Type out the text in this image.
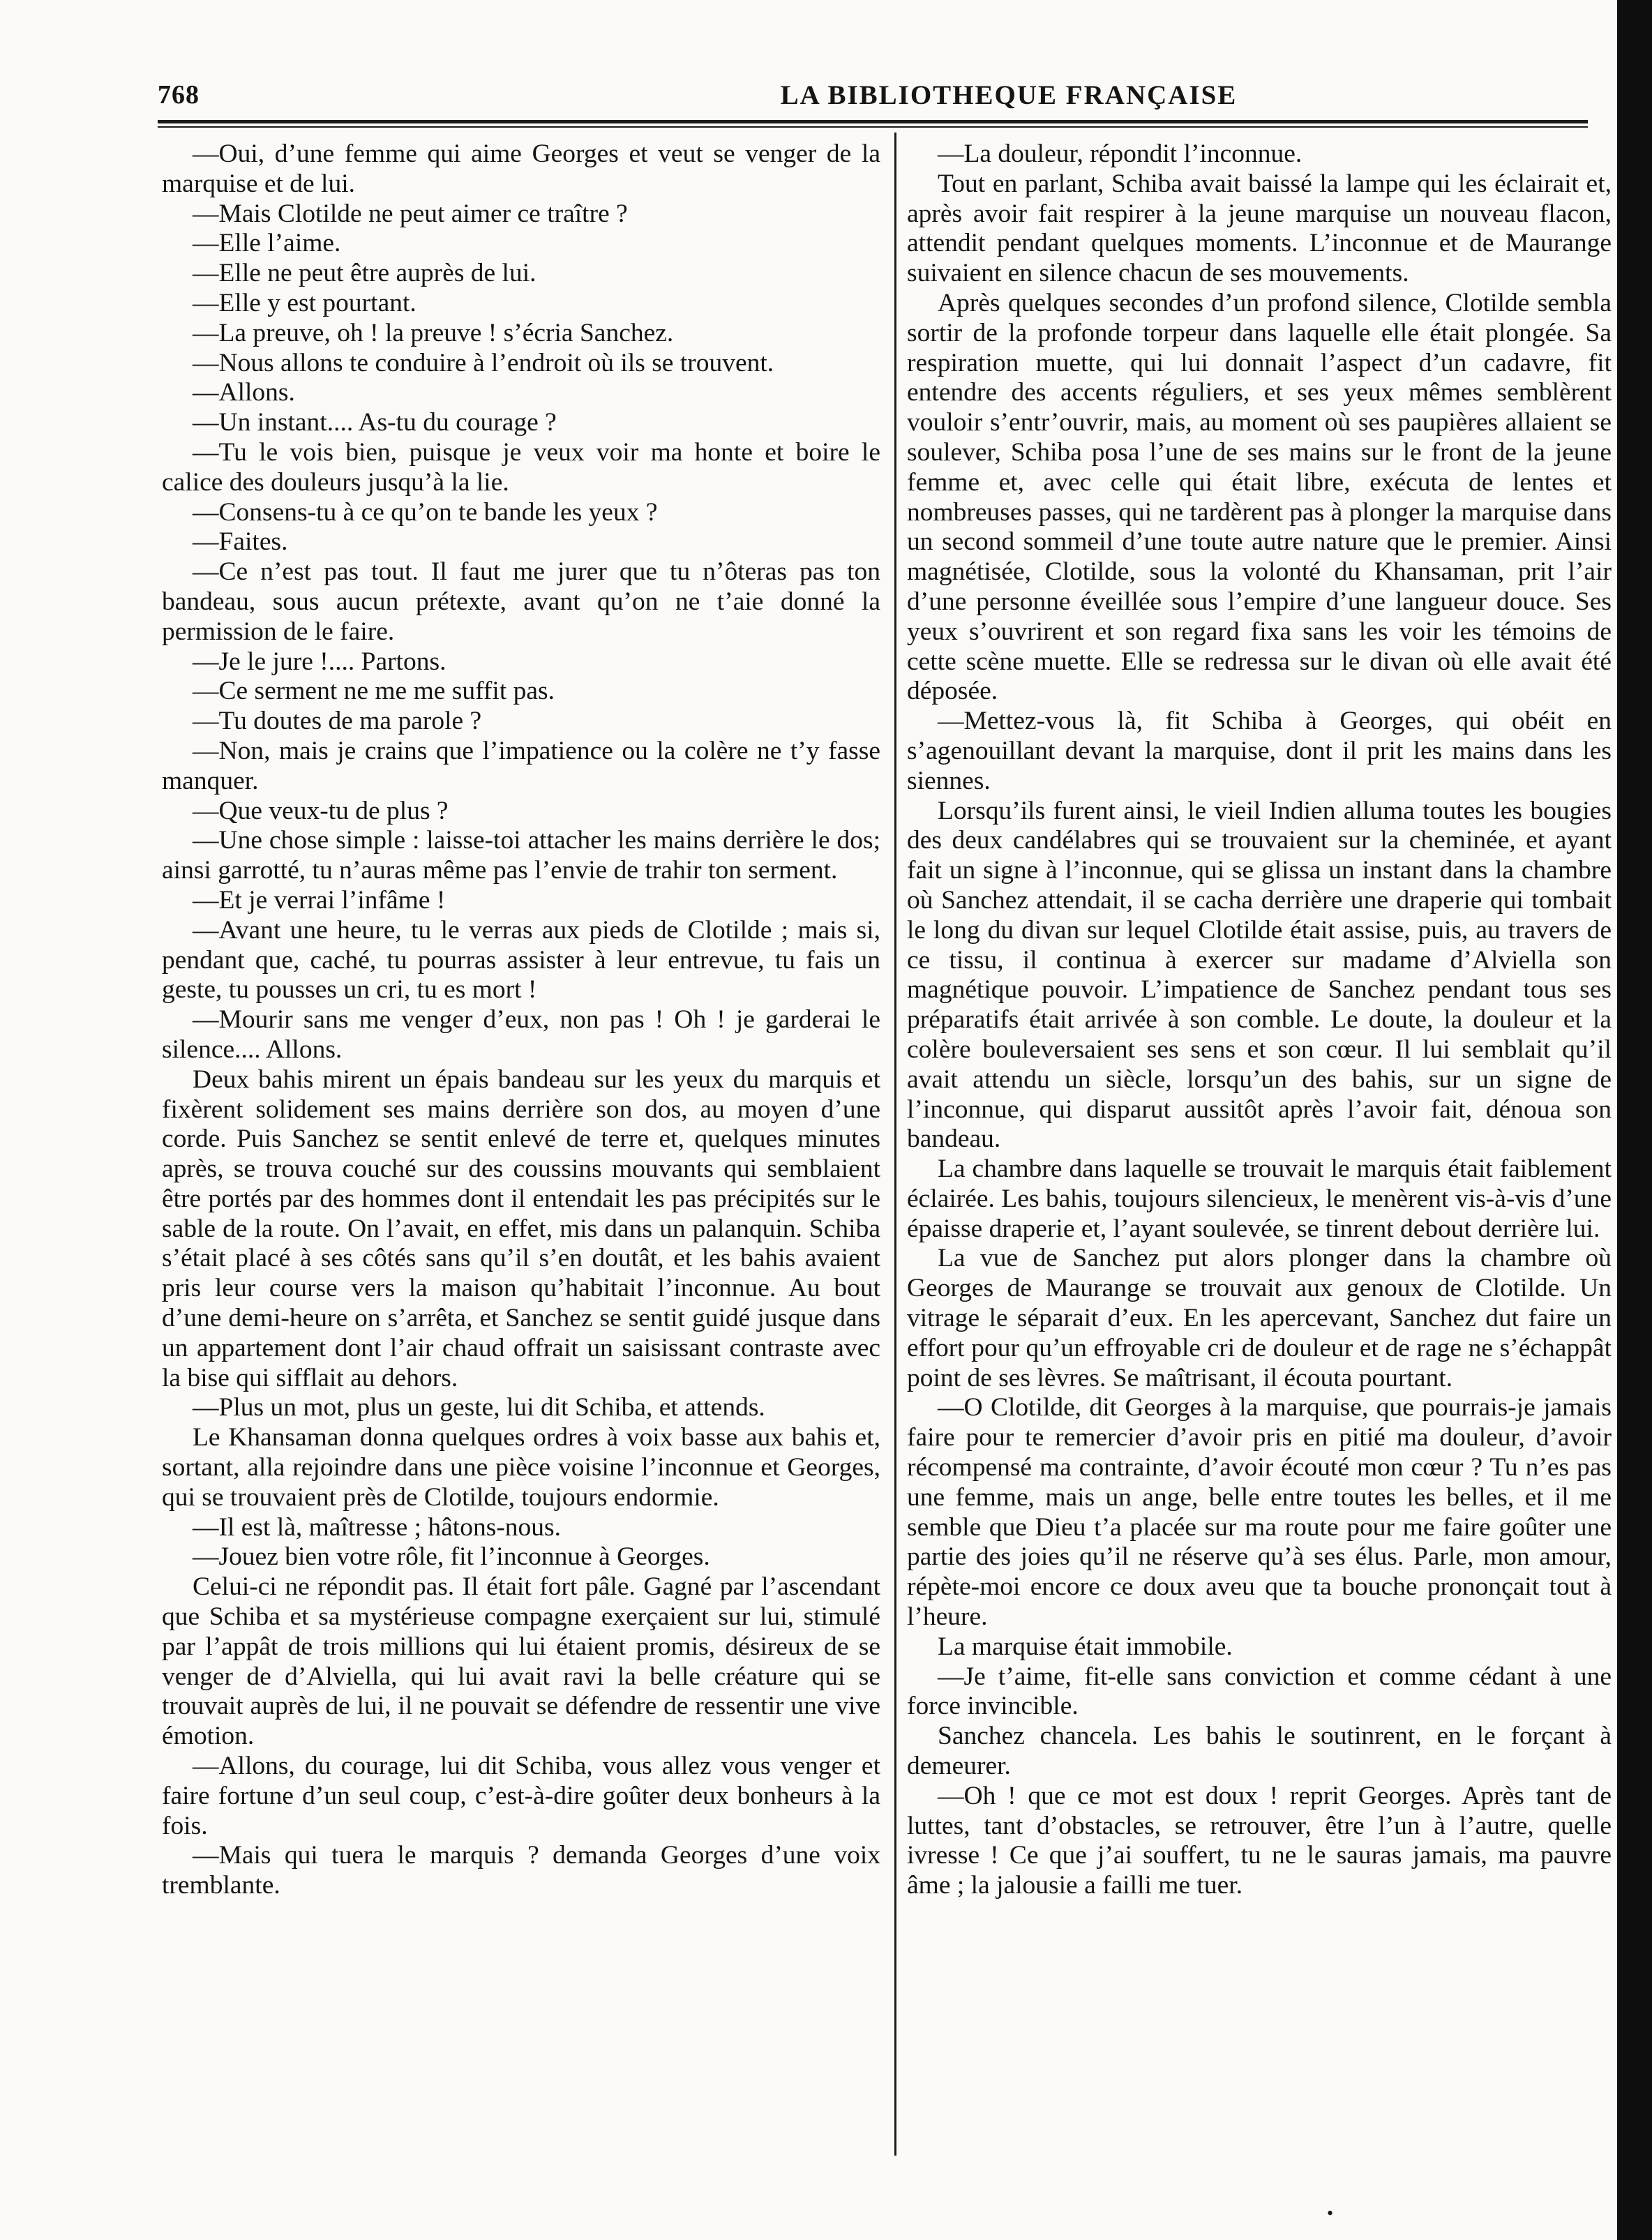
768	LA BIBLIOTHEQUE FRANÇAISE

—Oui, d’une femme qui aime Georges et veut se venger de la marquise et de lui.

—Mais Clotilde ne peut aimer ce traître ?

—Elle l’aime.

—Elle ne peut être auprès de lui.

—Elle y est pourtant.

—La preuve, oh ! la preuve ! s’écria Sanchez.

—Nous allons te conduire à l’endroit où ils se trouvent.

—Allons.

—Un instant.... As-tu du courage ?

—Tu le vois bien, puisque je veux voir ma honte et boire le calice des douleurs jusqu’à la lie.

—Consens-tu à ce qu’on te bande les yeux ?

—Faites.

—Ce n’est pas tout. Il faut me jurer que tu n’ôteras pas ton bandeau, sous aucun prétexte, avant qu’on ne t’aie donné la permission de le faire.

—Je le jure !.... Partons.

—Ce serment ne me me suffit pas.

—Tu doutes de ma parole ?

—Non, mais je crains que l’impatience ou la colère ne t’y fasse manquer.

—Que veux-tu de plus ?

—Une chose simple : laisse-toi attacher les mains derrière le dos; ainsi garrotté, tu n’auras même pas l’envie de trahir ton serment.

—Et je verrai l’infâme !

—Avant une heure, tu le verras aux pieds de Clotilde ; mais si, pendant que, caché, tu pourras assister à leur entrevue, tu fais un geste, tu pousses un cri, tu es mort !

—Mourir sans me venger d’eux, non pas ! Oh ! je garderai le silence.... Allons.

Deux bahis mirent un épais bandeau sur les yeux du marquis et fixèrent solidement ses mains derrière son dos, au moyen d’une corde. Puis Sanchez se sentit enlevé de terre et, quelques minutes après, se trouva couché sur des coussins mouvants qui semblaient être portés par des hommes dont il entendait les pas précipités sur le sable de la route. On l’avait, en effet, mis dans un palanquin. Schiba s’était placé à ses côtés sans qu’il s’en doutât, et les bahis avaient pris leur course vers la maison qu’habitait l’inconnue. Au bout d’une demi-heure on s’arrêta, et Sanchez se sentit guidé jusque dans un appartement dont l’air chaud offrait un saisissant contraste avec la bise qui sifflait au dehors.

—Plus un mot, plus un geste, lui dit Schiba, et attends.

Le Khansaman donna quelques ordres à voix basse aux bahis et, sortant, alla rejoindre dans une pièce voisine l’inconnue et Georges, qui se trouvaient près de Clotilde, toujours endormie.

—Il est là, maîtresse ; hâtons-nous.

—Jouez bien votre rôle, fit l’inconnue à Georges.

Celui-ci ne répondit pas. Il était fort pâle. Gagné par l’ascendant que Schiba et sa mystérieuse compagne exerçaient sur lui, stimulé par l’appât de trois millions qui lui étaient promis, désireux de se venger de d’Alviella, qui lui avait ravi la belle créature qui se trouvait auprès de lui, il ne pouvait se défendre de ressentir une vive émotion.

—Allons, du courage, lui dit Schiba, vous allez vous venger et faire fortune d’un seul coup, c’est-à-dire goûter deux bonheurs à la fois.

—Mais qui tuera le marquis ? demanda Georges d’une voix tremblante.

—La douleur, répondit l’inconnue.

Tout en parlant, Schiba avait baissé la lampe qui les éclairait et, après avoir fait respirer à la jeune marquise un nouveau flacon, attendit pendant quelques moments. L’inconnue et de Maurange suivaient en silence chacun de ses mouvements.

Après quelques secondes d’un profond silence, Clotilde sembla sortir de la profonde torpeur dans laquelle elle était plongée. Sa respiration muette, qui lui donnait l’aspect d’un cadavre, fit entendre des accents réguliers, et ses yeux mêmes semblèrent vouloir s’entr’ouvrir, mais, au moment où ses paupières allaient se soulever, Schiba posa l’une de ses mains sur le front de la jeune femme et, avec celle qui était libre, exécuta de lentes et nombreuses passes, qui ne tardèrent pas à plonger la marquise dans un second sommeil d’une toute autre nature que le premier. Ainsi magnétisée, Clotilde, sous la volonté du Khansaman, prit l’air d’une personne éveillée sous l’empire d’une langueur douce. Ses yeux s’ouvrirent et son regard fixa sans les voir les témoins de cette scène muette. Elle se redressa sur le divan où elle avait été déposée.

—Mettez-vous là, fit Schiba à Georges, qui obéit en s’agenouillant devant la marquise, dont il prit les mains dans les siennes.

Lorsqu’ils furent ainsi, le vieil Indien alluma toutes les bougies des deux candélabres qui se trouvaient sur la cheminée, et ayant fait un signe à l’inconnue, qui se glissa un instant dans la chambre où Sanchez attendait, il se cacha derrière une draperie qui tombait le long du divan sur lequel Clotilde était assise, puis, au travers de ce tissu, il continua à exercer sur madame d’Alviella son magnétique pouvoir. L’impatience de Sanchez pendant tous ses préparatifs était arrivée à son comble. Le doute, la douleur et la colère bouleversaient ses sens et son cœur. Il lui semblait qu’il avait attendu un siècle, lorsqu’un des bahis, sur un signe de l’inconnue, qui disparut aussitôt après l’avoir fait, dénoua son bandeau.

La chambre dans laquelle se trouvait le marquis était faiblement éclairée. Les bahis, toujours silencieux, le menèrent vis-à-vis d’une épaisse draperie et, l’ayant soulevée, se tinrent debout derrière lui.

La vue de Sanchez put alors plonger dans la chambre où Georges de Maurange se trouvait aux genoux de Clotilde. Un vitrage le séparait d’eux. En les apercevant, Sanchez dut faire un effort pour qu’un effroyable cri de douleur et de rage ne s’échappât point de ses lèvres. Se maîtrisant, il écouta pourtant.

—O Clotilde, dit Georges à la marquise, que pourrais-je jamais faire pour te remercier d’avoir pris en pitié ma douleur, d’avoir récompensé ma contrainte, d’avoir écouté mon cœur ? Tu n’es pas une femme, mais un ange, belle entre toutes les belles, et il me semble que Dieu t’a placée sur ma route pour me faire goûter une partie des joies qu’il ne réserve qu’à ses élus. Parle, mon amour, répète-moi encore ce doux aveu que ta bouche prononçait tout à l’heure.

La marquise était immobile.

—Je t’aime, fit-elle sans conviction et comme cédant à une force invincible.

Sanchez chancela. Les bahis le soutinrent, en le forçant à demeurer.

—Oh ! que ce mot est doux ! reprit Georges. Après tant de luttes, tant d’obstacles, se retrouver, être l’un à l’autre, quelle ivresse ! Ce que j’ai souffert, tu ne le sauras jamais, ma pauvre âme ; la jalousie a failli me tuer.

•
